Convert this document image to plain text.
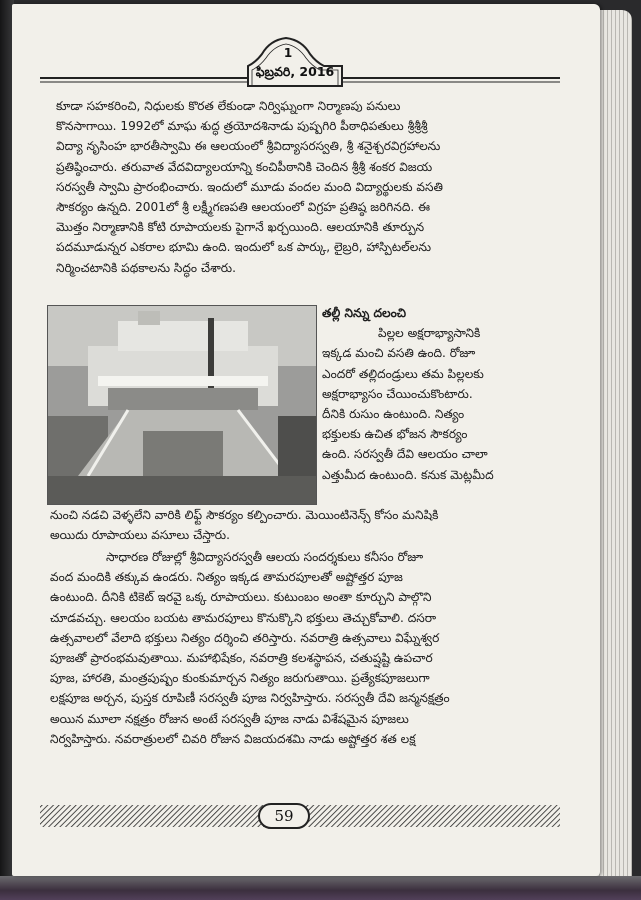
1
ఫిబ్రవరి, 2016
కూడా సహకరించి, నిధులకు కొరత లేకుండా నిర్విఘ్నంగా నిర్మాణపు పనులు
కొనసాగాయి. 1992లో మాఘ శుద్ధ త్రయోదశినాడు పుష్పగిరి పీఠాధిపతులు శ్రీశ్రీశ్రీ
విద్యా నృసింహ భారతీస్వామి ఈ ఆలయంలో శ్రీవిద్యాసరస్వతి, శ్రీ శనైశ్చరవిగ్రహాలను
ప్రతిష్ఠించారు. తరువాత వేదవిద్యాలయాన్ని కంచిపీఠానికి చెందిన శ్రీశ్రీ శంకర విజయ
సరస్వతీ స్వామి ప్రారంభించారు. ఇందులో మూడు వందల మంది విద్యార్థులకు వసతి
సౌకర్యం ఉన్నది. 2001లో శ్రీ లక్ష్మీగణపతి ఆలయంలో విగ్రహ ప్రతిష్ఠ జరిగినది. ఈ
మొత్తం నిర్మాణానికి కోటి రూపాయలకు పైగానే ఖర్చయింది. ఆలయానికి తూర్పున
పదమూడున్నర ఎకరాల భూమి ఉంది. ఇందులో ఒక పార్కు, లైబ్రరి, హాస్పిటల్‌లను
నిర్మించటానికి పథకాలను సిద్ధం చేశారు.
తల్లీ నిన్ను దలంచి
పిల్లల అక్షరాభ్యాసానికి
ఇక్కడ మంచి వసతి ఉంది. రోజూ
ఎందరో తల్లిదండ్రులు తమ పిల్లలకు
అక్షరాభ్యాసం చేయించుకొంటారు.
దీనికి రుసుం ఉంటుంది. నిత్యం
భక్తులకు ఉచిత భోజన సౌకర్యం
ఉంది. సరస్వతీ దేవి ఆలయం చాలా
ఎత్తుమీద ఉంటుంది. కనుక మెట్లమీద
నుంచి నడచి వెళ్ళలేని వారికి లిఫ్ట్ సౌకర్యం కల్పించారు. మెయింటినెన్స్ కోసం మనిషికి
అయిదు రూపాయలు వసూలు చేస్తారు.
సాధారణ రోజుల్లో శ్రీవిద్యాసరస్వతీ ఆలయ సందర్శకులు కనీసం రోజూ
వంద మందికి తక్కువ ఉండరు. నిత్యం ఇక్కడ తామరపూలతో అష్టోత్తర పూజ
ఉంటుంది. దీనికి టికెట్ ఇరవై ఒక్క రూపాయలు. కుటుంబం అంతా కూర్చుని పాల్గొని
చూడవచ్చు. ఆలయం బయట తామరపూలు కొనుక్కొని భక్తులు తెచ్చుకోవాలి. దసరా
ఉత్సవాలలో వేలాది భక్తులు నిత్యం దర్శించి తరిస్తారు. నవరాత్రి ఉత్సవాలు విఘ్నేశ్వర
పూజతో ప్రారంభమవుతాయి. మహాభిషేకం, నవరాత్రి కలశస్థాపన, చతుష్షష్టి ఉపచార
పూజ, హారతి, మంత్రపుష్పం కుంకుమార్చన నిత్యం జరుగుతాయి. ప్రత్యేకపూజలుగా
లక్షపూజ అర్చన, పుస్తక రూపిణీ సరస్వతీ పూజ నిర్వహిస్తారు. సరస్వతీ దేవి జన్మనక్షత్రం
అయిన మూలా నక్షత్రం రోజున అంటే సరస్వతీ పూజ నాడు విశేషమైన పూజలు
నిర్వహిస్తారు. నవరాత్రులలో చివరి రోజున విజయదశమి నాడు అష్టోత్తర శత లక్ష
59
